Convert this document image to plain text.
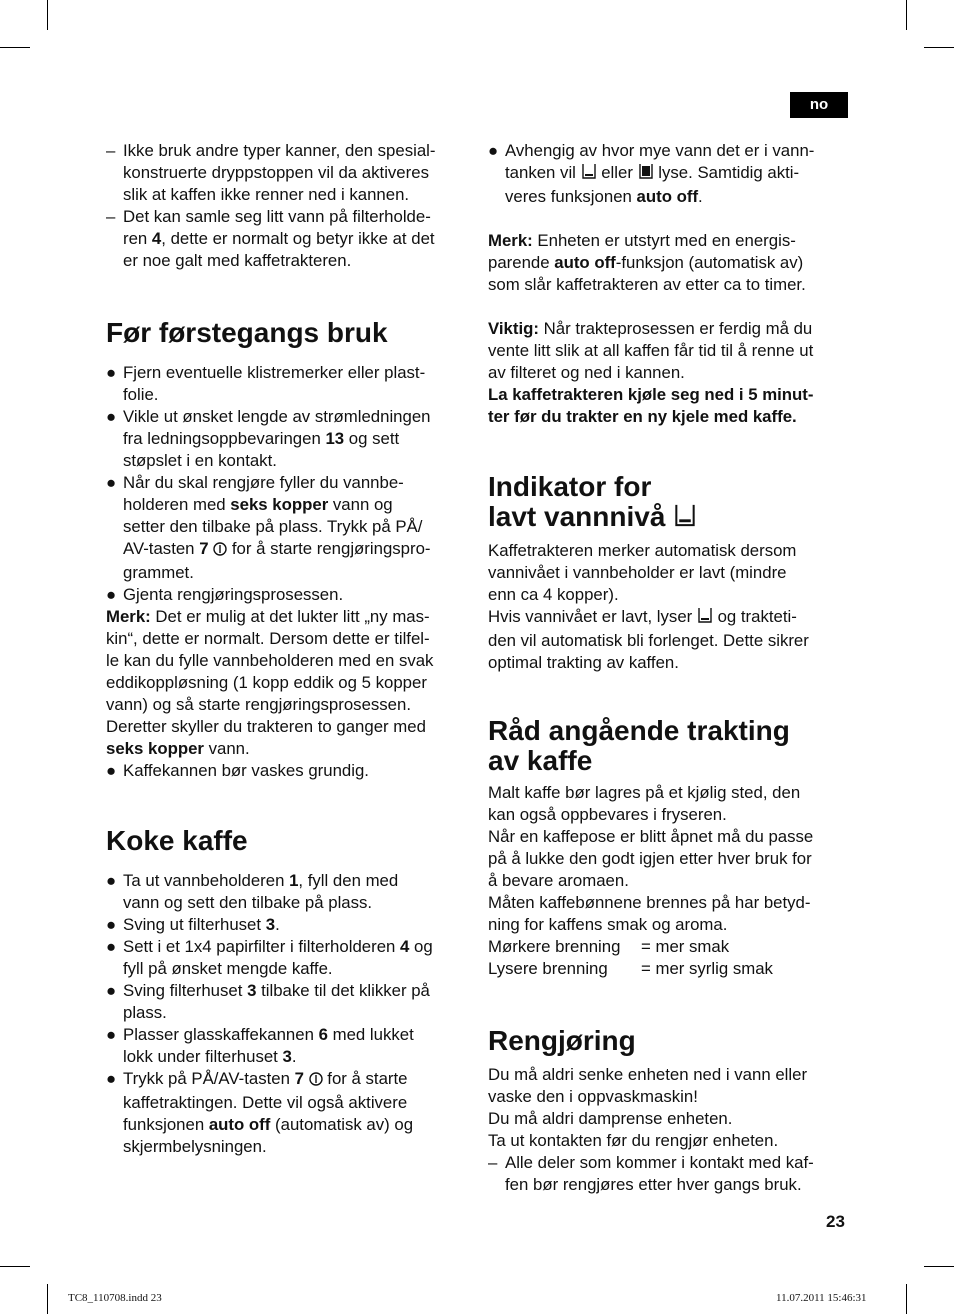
no
– Ikke bruk andre typer kanner, den spesial-
konstruerte dryppstoppen vil da aktiveres
slik at kaffen ikke renner ned i kannen.
– Det kan samle seg litt vann på filterholde-
ren 4, dette er normalt og betyr ikke at det
er noe galt med kaffetrakteren.
Før førstegangs bruk
● Fjern eventuelle klistremerker eller plast-
folie.
● Vikle ut ønsket lengde av strømledningen
fra ledningsoppbevaringen 13 og sett
støpslet i en kontakt.
● Når du skal rengjøre fyller du vannbe-
holderen med seks kopper vann og
setter den tilbake på plass. Trykk på PÅ/
AV-tasten 7  for å starte rengjøringspro-
grammet.
● Gjenta rengjøringsprosessen.

Merk: Det er mulig at det lukter litt „ny mas-
kin“, dette er normalt. Dersom dette er tilfel-
le kan du fylle vannbeholderen med en svak
eddikoppløsning (1 kopp eddik og 5 kopper
vann) og så starte rengjøringsprosessen.
Deretter skyller du trakteren to ganger med
seks kopper vann.

● Kaffekannen bør vaskes grundig.
Koke kaffe
● Ta ut vannbeholderen 1, fyll den med
vann og sett den tilbake på plass.
● Sving ut filterhuset 3.
● Sett i et 1x4 papirfilter i filterholderen 4 og
fyll på ønsket mengde kaffe.
● Sving filterhuset 3 tilbake til det klikker på
plass.
● Plasser glasskaffekannen 6 med lukket
lokk under filterhuset 3.
● Trykk på PÅ/AV-tasten 7  for å starte
kaffetraktingen. Dette vil også aktivere
funksjonen auto off (automatisk av) og
skjermbelysningen.
● Avhengig av hvor mye vann det er i vann-
tanken vil  eller  lyse. Samtidig akti-
veres funksjonen auto off.

Merk: Enheten er utstyrt med en energis-
parende auto off-funksjon (automatisk av)
som slår kaffetrakteren av etter ca to timer.

Viktig: Når trakteprosessen er ferdig må du
vente litt slik at all kaffen får tid til å renne ut
av filteret og ned i kannen.
La kaffetrakteren kjøle seg ned i 5 minut-
ter før du trakter en ny kjele med kaffe.

Indikator for
lavt vannnivå

Kaffetrakteren merker automatisk dersom
vannivået i vannbeholder er lavt (mindre
enn ca 4 kopper).
Hvis vannivået er lavt, lyser  og trakteti-
den vil automatisk bli forlenget. Dette sikrer
optimal trakting av kaffen.

Råd angående trakting
av kaffe

Malt kaffe bør lagres på et kjølig sted, den
kan også oppbevares i fryseren.
Når en kaffepose er blitt åpnet må du passe
på å lukke den godt igjen etter hver bruk for
å bevare aromaen.
Måten kaffebønnene brennes på har betyd-
ning for kaffens smak og aroma.

Mørkere brenning	= mer smak
Lysere brenning	= mer syrlig smak
Rengjøring

Du må aldri senke enheten ned i vann eller
vaske den i oppvaskmaskin!
Du må aldri damprense enheten.
Ta ut kontakten før du rengjør enheten.

– Alle deler som kommer i kontakt med kaf-
fen bør rengjøres etter hver gangs bruk.
23
TC8_110708.indd 23	11.07.2011 15:46:31
